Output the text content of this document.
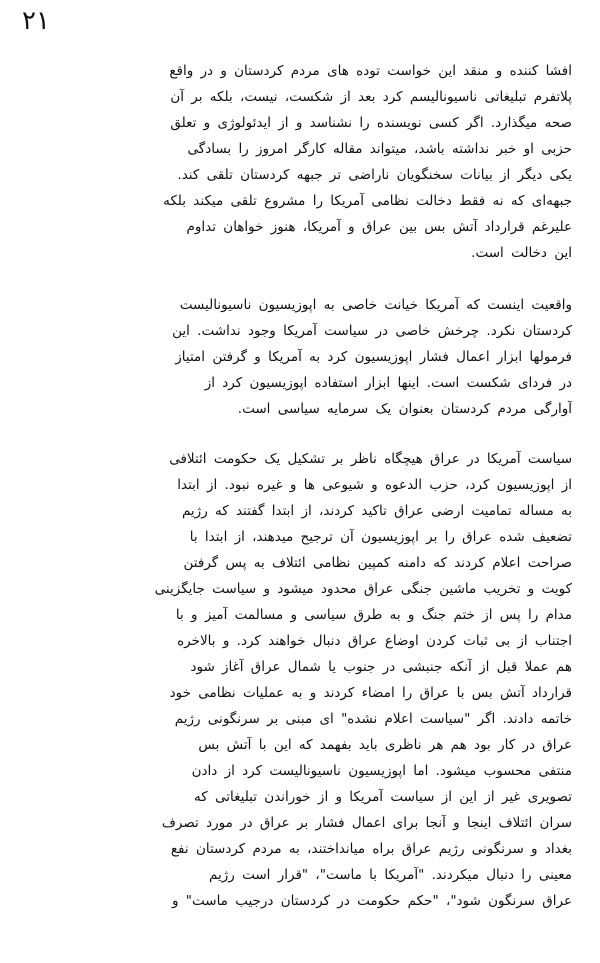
۲۱
افشا کننده و منقد این خواست توده های مردم کردستان و در واقع
پلاتفرم تبلیغاتی ناسیونالیسم کرد بعد از شکست، نیست، بلکه بر آن
صحه میگذارد. اگر کسی نویسنده را نشناسد و از ایدئولوژی و تعلق
حزبی او خبر نداشته باشد، میتواند مقاله کارگر امروز را بسادگی
یکی دیگر از بیانات سخنگویان ناراضی تر جبهه کردستان تلقی کند.
جبهه‌ای که نه فقط دخالت نظامی آمریکا را مشروع تلقی میکند بلکه
علیرغم قرارداد آتش بس بین عراق و آمریکا، هنوز خواهان تداوم
این دخالت است.
واقعیت اینست که آمریکا خیانت خاصی به اپوزیسیون ناسیونالیست
کردستان نکرد. چرخش خاصی در سیاست آمریکا وجود نداشت. این
فرمولها ابزار اعمال فشار اپوزیسیون کرد به آمریکا و گرفتن امتیاز
در فردای شکست است. اینها ابزار استفاده اپوزیسیون کرد از
آوارگی مردم کردستان بعنوان یک سرمایه سیاسی است.
سیاست آمریکا در عراق هیچگاه ناظر بر تشکیل یک حکومت ائتلافی
از اپوزیسیون کرد، حزب الدعوه و شیوعی ها و غیره نبود. از ابتدا
به مساله تمامیت ارضی عراق تاکید کردند، از ابتدا گفتند که رژیم
تضعیف شده عراق را بر اپوزیسیون آن ترجیح میدهند، از ابتدا با
صراحت اعلام کردند که دامنه کمپین نظامی ائتلاف به پس گرفتن
کویت و تخریب ماشین جنگی عراق محدود میشود و سیاست جایگزینی
مدام را پس از ختم جنگ و به طرق سیاسی و مسالمت آمیز و با
اجتناب از بی ثبات کردن اوضاع عراق دنبال خواهند کرد. و بالاخره
هم عملا قبل از آنکه جنبشی در جنوب یا شمال عراق آغاز شود
قرارداد آتش بس با عراق را امضاء کردند و به عملیات نظامی خود
خاتمه دادند. اگر "سیاست اعلام نشده" ای مبنی بر سرنگونی رژیم
عراق در کار بود هم هر ناظری باید بفهمد که این با آتش بس
منتفی محسوب میشود. اما اپوزیسیون ناسیونالیست کرد از دادن
تصویری غیر از این از سیاست آمریکا و از خوراندن تبلیغاتی که
سران ائتلاف اینجا و آنجا برای اعمال فشار بر عراق در مورد تصرف
بغداد و سرنگونی رژیم عراق براه میانداختند، به مردم کردستان نفع
معینی را دنبال میکردند. "آمریکا با ماست"، "قرار است رژیم
عراق سرنگون شود"، "حکم حکومت در کردستان درجیب ماست" و
